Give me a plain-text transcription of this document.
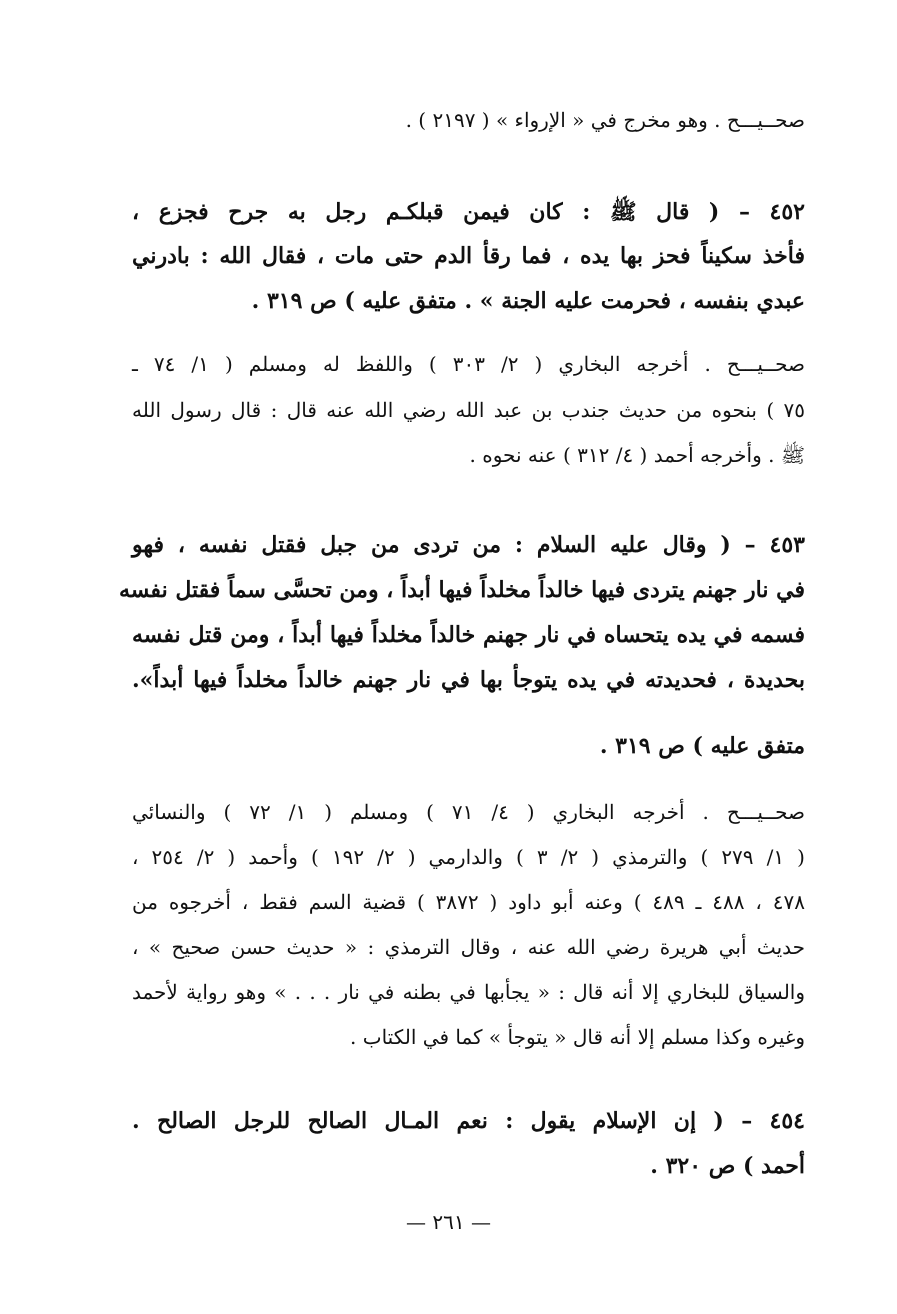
صحــيـــح . وهو مخرج في « الإرواء » ( ٢١٩٧ ) .
٤٥٢ – ( قال ﷺ : كان فيمن قبلكـم رجل به جرح فجزع ،
فأخذ سكيناً فحز بها يده ، فما رقأ الدم حتى مات ، فقال الله : بادرني
عبدي بنفسه ، فحرمت عليه الجنة » . متفق عليه ) ص ٣١٩ .
صحــيـــح . أخرجه البخاري ( ٢/ ٣٠٣ ) واللفظ له ومسلم ( ١/ ٧٤ ـ
٧٥ ) بنحوه من حديث جندب بن عبد الله رضي الله عنه قال : قال رسول الله
ﷺ . وأخرجه أحمد ( ٤/ ٣١٢ ) عنه نحوه .
٤٥٣ – ( وقال عليه السلام : من تردى من جبل فقتل نفسه ، فهو
في نار جهنم يتردى فيها خالداً مخلداً فيها أبداً ، ومن تحسَّى سماً فقتل نفسه
فسمه في يده يتحساه في نار جهنم خالداً مخلداً فيها أبداً ، ومن قتل نفسه
بحديدة ، فحديدته في يده يتوجأ بها في نار جهنم خالداً مخلداً فيها أبداً».
متفق عليه ) ص ٣١٩ .
صحــيـــح . أخرجه البخاري ( ٤/ ٧١ ) ومسلم ( ١/ ٧٢ ) والنسائي
( ١/ ٢٧٩ ) والترمذي ( ٢/ ٣ ) والدارمي ( ٢/ ١٩٢ ) وأحمد ( ٢/ ٢٥٤ ،
٤٧٨ ، ٤٨٨ ـ ٤٨٩ ) وعنه أبو داود ( ٣٨٧٢ ) قضية السم فقط ، أخرجوه من
حديث أبي هريرة رضي الله عنه ، وقال الترمذي : « حديث حسن صحيح » ،
والسياق للبخاري إلا أنه قال : « يجأبها في بطنه في نار . . . » وهو رواية لأحمد
وغيره وكذا مسلم إلا أنه قال « يتوجأ » كما في الكتاب .
٤٥٤ – ( إن الإسلام يقول : نعم المـال الصالح للرجل الصالح .
أحمد ) ص ٣٢٠ .
— ٢٦١ —
